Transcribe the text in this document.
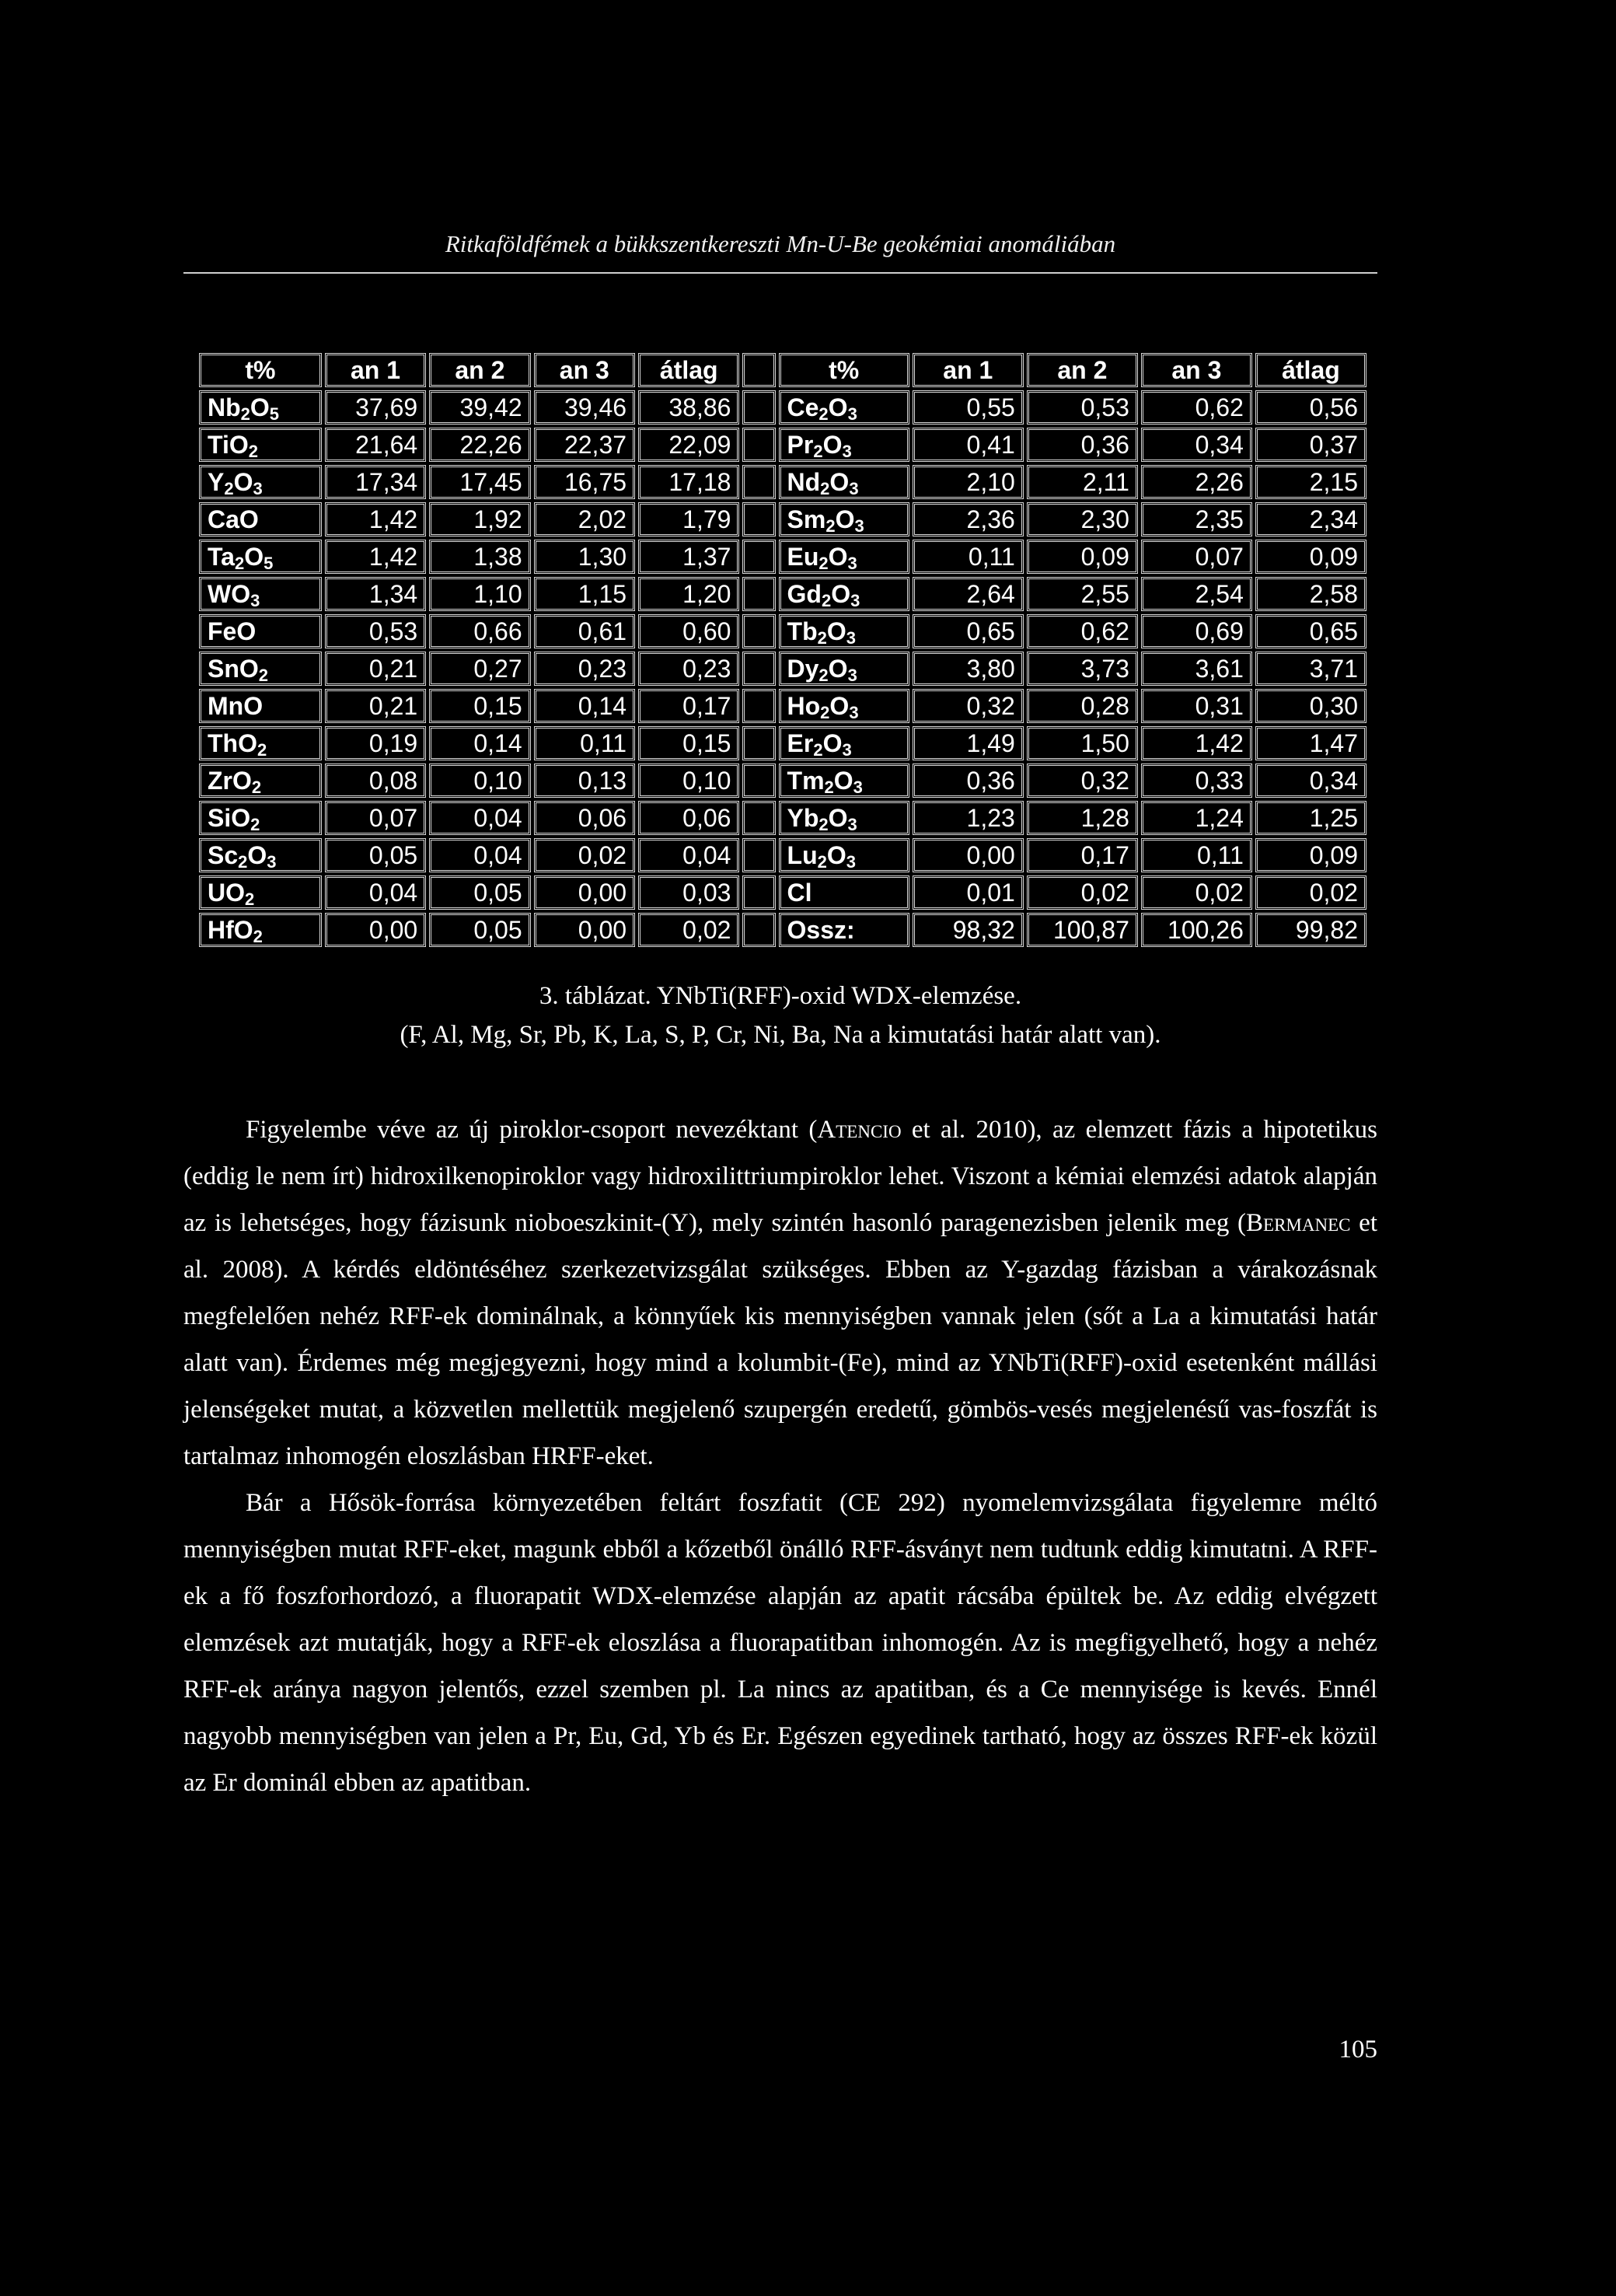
Ritkaföldfémek a bükkszentkereszti Mn-U-Be geokémiai anomáliában
t%	an 1	an 2	an 3	átlag		t%	an 1	an 2	an 3	átlag
$Nb_2O_5$	37,69	39,42	39,46	38,86		$Ce_2O_3$	0,55	0,53	0,62	0,56
TiO$_2$	21,64	22,26	22,37	22,09		$Pr_2O_3$	0,41	0,36	0,34	0,37
$Y_2O_3$	17,34	17,45	16,75	17,18		$Nd_2O_3$	2,10	2,11	2,26	2,15
CaO	1,42	1,92	2,02	1,79		$Sm_2O_3$	2,36	2,30	2,35	2,34
$Ta_2O_5$	1,42	1,38	1,30	1,37		$Eu_2O_3$	0,11	0,09	0,07	0,09
$WO_3$	1,34	1,10	1,15	1,20		$Gd_2O_3$	2,64	2,55	2,54	2,58
FeO	0,53	0,66	0,61	0,60		$Tb_2O_3$	0,65	0,62	0,69	0,65
SnO$_2$	0,21	0,27	0,23	0,23		$Dy_2O_3$	3,80	3,73	3,61	3,71
MnO	0,21	0,15	0,14	0,17		$Ho_2O_3$	0,32	0,28	0,31	0,30
ThO$_2$	0,19	0,14	0,11	0,15		$Er_2O_3$	1,49	1,50	1,42	1,47
ZrO$_2$	0,08	0,10	0,13	0,10		$Tm_2O_3$	0,36	0,32	0,33	0,34
SiO$_2$	0,07	0,04	0,06	0,06		$Yb_2O_3$	1,23	1,28	1,24	1,25
$Sc_2O_3$	0,05	0,04	0,02	0,04		$Lu_2O_3$	0,00	0,17	0,11	0,09
$UO_2$	0,04	0,05	0,00	0,03		Cl	0,01	0,02	0,02	0,02
HfO$_2$	0,00	0,05	0,00	0,02		Ossz:	98,32	100,87	100,26	99,82
3. táblázat. YNbTi(RFF)-oxid WDX-elemzése.
(F, Al, Mg, Sr, Pb, K, La, S, P, Cr, Ni, Ba, Na a kimutatási határ alatt van).

Figyelembe véve az új piroklor-csoport nevezéktant (Atencio et al. 2010), az elemzett fázis a hipotetikus (eddig le nem írt) hidroxilkenopiroklor vagy hidroxilittriumpiroklor lehet. Viszont a kémiai elemzési adatok alapján az is lehetséges, hogy fázisunk nioboeszkinit-(Y), mely szintén hasonló paragenezisben jelenik meg (Bermanec et al. 2008). A kérdés eldöntéséhez szerkezetvizsgálat szükséges. Ebben az Y-gazdag fázisban a várakozásnak megfelelően nehéz RFF-ek dominálnak, a könnyűek kis mennyiségben vannak jelen (sőt a La a kimutatási határ alatt van). Érdemes még megjegyezni, hogy mind a kolumbit-(Fe), mind az YNbTi(RFF)-oxid esetenként mállási jelenségeket mutat, a közvetlen mellettük megjelenő szupergén eredetű, gömbös-vesés megjelenésű vas-foszfát is tartalmaz inhomogén eloszlásban HRFF-eket.

Bár a Hősök-forrása környezetében feltárt foszfatit (CE 292) nyomelemvizsgálata figyelemre méltó mennyiségben mutat RFF-eket, magunk ebből a kőzetből önálló RFF-ásványt nem tudtunk eddig kimutatni. A RFF-ek a fő foszforhordozó, a fluorapatit WDX-elemzése alapján az apatit rácsába épültek be. Az eddig elvégzett elemzések azt mutatják, hogy a RFF-ek eloszlása a fluorapatitban inhomogén. Az is megfigyelhető, hogy a nehéz RFF-ek aránya nagyon jelentős, ezzel szemben pl. La nincs az apatitban, és a Ce mennyisége is kevés. Ennél nagyobb mennyiségben van jelen a Pr, Eu, Gd, Yb és Er. Egészen egyedinek tartható, hogy az összes RFF-ek közül az Er dominál ebben az apatitban.

105
